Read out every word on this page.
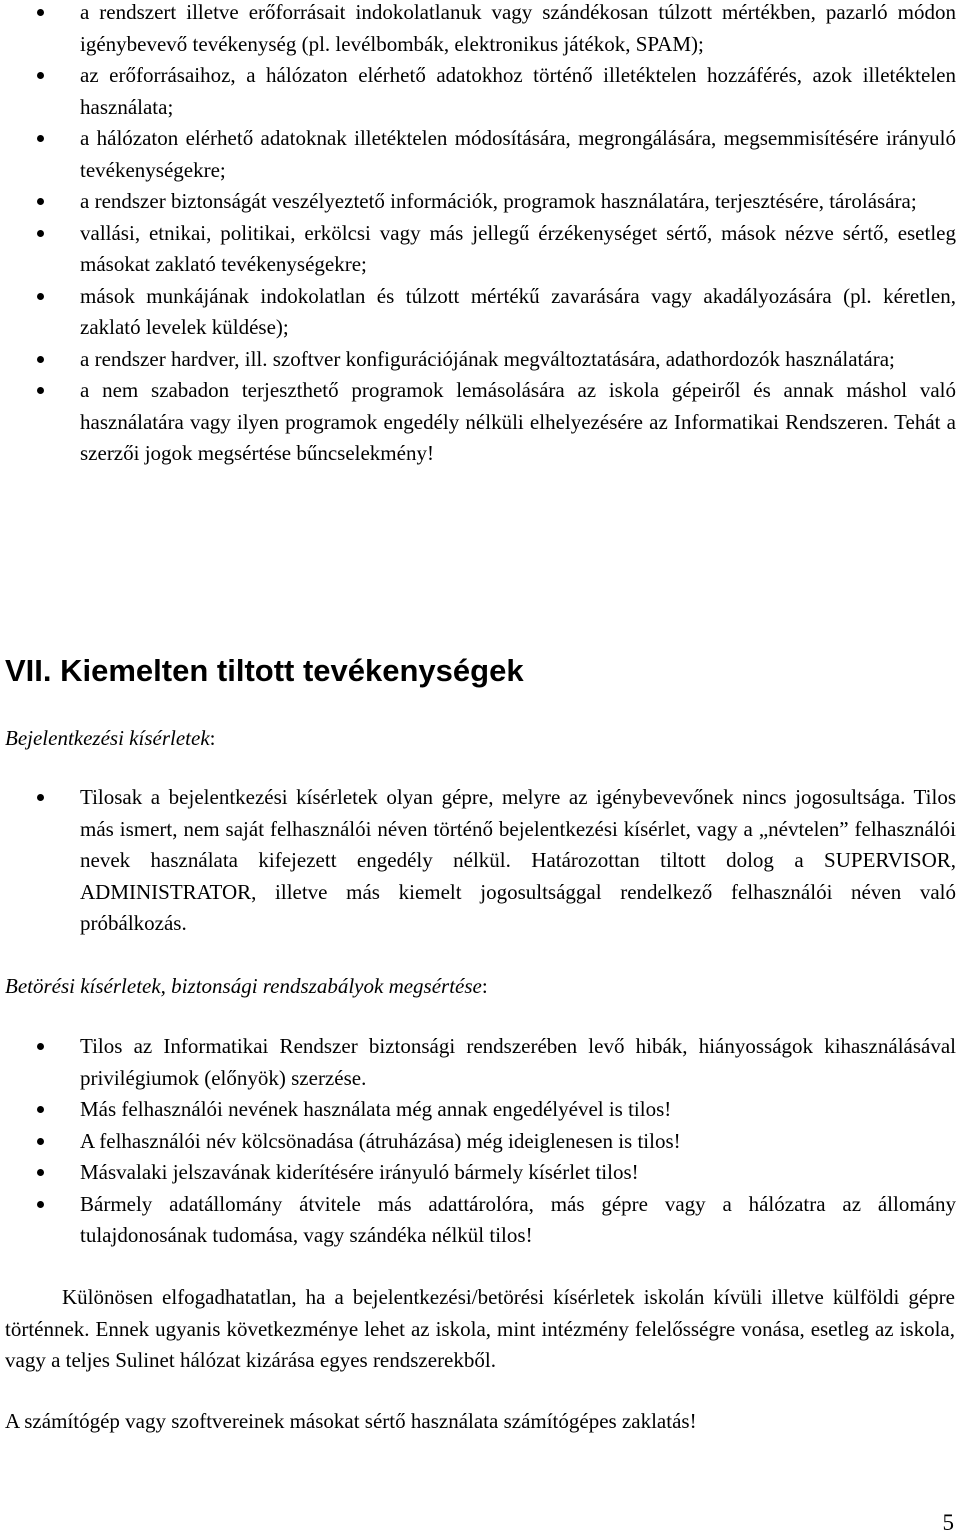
a rendszert illetve erőforrásait indokolatlanuk vagy szándékosan túlzott mértékben, pazarló módon igénybevevő tevékenység (pl. levélbombák, elektronikus játékok, SPAM);
az erőforrásaihoz, a hálózaton elérhető adatokhoz történő illetéktelen hozzáférés, azok illetéktelen használata;
a hálózaton elérhető adatoknak illetéktelen módosítására, megrongálására, megsemmisítésére irányuló tevékenységekre;
a rendszer biztonságát veszélyeztető információk, programok használatára, terjesztésére, tárolására;
vallási, etnikai, politikai, erkölcsi vagy más jellegű érzékenységet sértő, mások nézve sértő, esetleg másokat zaklató tevékenységekre;
mások munkájának indokolatlan és túlzott mértékű zavarására vagy akadályozására (pl. kéretlen, zaklató levelek küldése);
a rendszer hardver, ill. szoftver konfigurációjának megváltoztatására, adathordozók használatára;
a nem szabadon terjeszthető programok lemásolására az iskola gépeiről és annak máshol való használatára vagy ilyen programok engedély nélküli elhelyezésére az Informatikai Rendszeren. Tehát a szerzői jogok megsértése bűncselekmény!
VII. Kiemelten tiltott tevékenységek

Bejelentkezési kísérletek:

Tilosak a bejelentkezési kísérletek olyan gépre, melyre az igénybevevőnek nincs jogosultsága. Tilos más ismert, nem saját felhasználói néven történő bejelentkezési kísérlet, vagy a „névtelen” felhasználói nevek használata kifejezett engedély nélkül. Határozottan tiltott dolog a SUPERVISOR, ADMINISTRATOR, illetve más kiemelt jogosultsággal rendelkező felhasználói néven való próbálkozás.

Betörési kísérletek, biztonsági rendszabályok megsértése:

Tilos az Informatikai Rendszer biztonsági rendszerében levő hibák, hiányosságok kihasználásával privilégiumok (előnyök) szerzése.
Más felhasználói nevének használata még annak engedélyével is tilos!
A felhasználói név kölcsönadása (átruházása) még ideiglenesen is tilos!
Másvalaki jelszavának kiderítésére irányuló bármely kísérlet tilos!
Bármely adatállomány átvitele más adattárolóra, más gépre vagy a hálózatra az állomány tulajdonosának tudomása, vagy szándéka nélkül tilos!

Különösen elfogadhatatlan, ha a bejelentkezési/betörési kísérletek iskolán kívüli illetve külföldi gépre történnek. Ennek ugyanis következménye lehet az iskola, mint intézmény felelősségre vonása, esetleg az iskola, vagy a teljes Sulinet hálózat kizárása egyes rendszerekből.

A számítógép vagy szoftvereinek másokat sértő használata számítógépes zaklatás!

5
